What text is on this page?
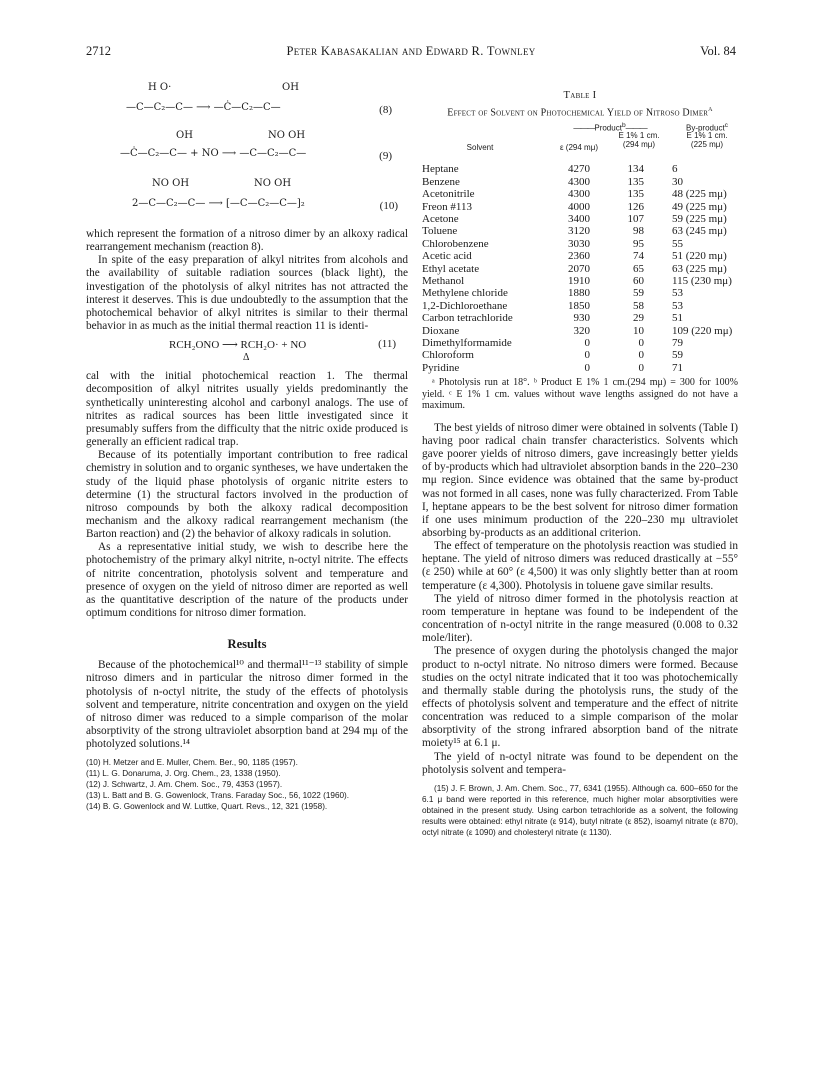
2712	Peter Kabasakalian and Edward R. Townley	Vol. 84
H O·	OH
—C—C₂—C— ⟶ —Ċ—C₂—C—	(8)
OH	NO OH
—Ċ—C₂—C— + NO ⟶ —C—C₂—C—	(9)
NO OH	NO OH
2—C—C₂—C— ⟶ [—C—C₂—C—]₂	(10)

which represent the formation of a nitroso dimer by an alkoxy radical rearrangement mechanism (reaction 8).

In spite of the easy preparation of alkyl nitrites from alcohols and the availability of suitable radiation sources (black light), the investigation of the photolysis of alkyl nitrites has not attracted the interest it deserves. This is due undoubtedly to the assumption that the photochemical behavior of alkyl nitrites is similar to their thermal behavior in as much as the initial thermal reaction 11 is identi-

RCH₂ONO ⟶ RCH₂O· + NO
Δ
(11)

cal with the initial photochemical reaction 1. The thermal decomposition of alkyl nitrites usually yields predominantly the synthetically uninteresting alcohol and carbonyl analogs. The use of nitrites as radical sources has been little investigated since it presumably suffers from the difficulty that the nitric oxide produced is generally an efficient radical trap.

Because of its potentially important contribution to free radical chemistry in solution and to organic syntheses, we have undertaken the study of the liquid phase photolysis of organic nitrite esters to determine (1) the structural factors involved in the production of nitroso compounds by both the alkoxy radical decomposition mechanism and the alkoxy radical rearrangement mechanism (the Barton reaction) and (2) the behavior of alkoxy radicals in solution.

As a representative initial study, we wish to describe here the photochemistry of the primary alkyl nitrite, n-octyl nitrite. The effects of nitrite concentration, photolysis solvent and temperature and presence of oxygen on the yield of nitroso dimer are reported as well as the quantitative description of the nature of the products under optimum conditions for nitroso dimer formation.

Results

Because of the photochemical¹⁰ and thermal¹¹⁻¹³ stability of simple nitroso dimers and in particular the nitroso dimer formed in the photolysis of n-octyl nitrite, the study of the effects of photolysis solvent and temperature, nitrite concentration and oxygen on the yield of nitroso dimer was reduced to a simple comparison of the molar absorptivity of the strong ultraviolet absorption band at 294 mμ of the photolyzed solutions.¹⁴

(10) H. Metzer and E. Muller, Chem. Ber., 90, 1185 (1957).
(11) L. G. Donaruma, J. Org. Chem., 23, 1338 (1950).
(12) J. Schwartz, J. Am. Chem. Soc., 79, 4353 (1957).
(13) L. Batt and B. G. Gowenlock, Trans. Faraday Soc., 56, 1022 (1960).
(14) B. G. Gowenlock and W. Luttke, Quart. Revs., 12, 321 (1958).
Table I
Effect of Solvent on Photochemical Yield of Nitroso Dimer$^a$
———Product$^b$———	By-product$^c$
Solvent	ε (294 mμ)
E 1% 1 cm.
(294 mμ)
E 1% 1 cm.
(225 mμ)
Heptane	4270	134	6
Benzene	4300	135	30
Acetonitrile	4300	135	48 (225 mμ)
Freon #113	4000	126	49 (225 mμ)
Acetone	3400	107	59 (225 mμ)
Toluene	3120	98	63 (245 mμ)
Chlorobenzene	3030	95	55
Acetic acid	2360	74	51 (220 mμ)
Ethyl acetate	2070	65	63 (225 mμ)
Methanol	1910	60	115 (230 mμ)
Methylene chloride	1880	59	53
1,2-Dichloroethane	1850	58	53
Carbon tetrachloride	930	29	51
Dioxane	320	10	109 (220 mμ)
Dimethylformamide	0	0	79
Chloroform	0	0	59
Pyridine	0	0	71

ᵃ Photolysis run at 18°. ᵇ Product E 1% 1 cm.(294 mμ) = 300 for 100% yield. ᶜ E 1% 1 cm. values without wave lengths assigned do not have a maximum.

The best yields of nitroso dimer were obtained in solvents (Table I) having poor radical chain transfer characteristics. Solvents which gave poorer yields of nitroso dimers, gave increasingly better yields of by-products which had ultraviolet absorption bands in the 220–230 mμ region. Since evidence was obtained that the same by-product was not formed in all cases, none was fully characterized. From Table I, heptane appears to be the best solvent for nitroso dimer formation if one uses minimum production of the 220–230 mμ ultraviolet absorbing by-products as an additional criterion.

The effect of temperature on the photolysis reaction was studied in heptane. The yield of nitroso dimers was reduced drastically at −55° (ε 250) while at 60° (ε 4,500) it was only slightly better than at room temperature (ε 4,300). Photolysis in toluene gave similar results.

The yield of nitroso dimer formed in the photolysis reaction at room temperature in heptane was found to be independent of the concentration of n-octyl nitrite in the range measured (0.008 to 0.32 mole/liter).

The presence of oxygen during the photolysis changed the major product to n-octyl nitrate. No nitroso dimers were formed. Because studies on the octyl nitrate indicated that it too was photochemically and thermally stable during the photolysis runs, the study of the effects of photolysis solvent and temperature and the effect of nitrite concentration was reduced to a simple comparison of the molar absorptivity of the strong infrared absorption band of the nitrate moiety¹⁵ at 6.1 μ.

The yield of n-octyl nitrate was found to be dependent on the photolysis solvent and tempera-

(15) J. F. Brown, J. Am. Chem. Soc., 77, 6341 (1955). Although ca. 600–650 for the 6.1 μ band were reported in this reference, much higher molar absorptivities were obtained in the present study. Using carbon tetrachloride as a solvent, the following results were obtained: ethyl nitrate (ε 914), butyl nitrate (ε 852), isoamyl nitrate (ε 870), octyl nitrate (ε 1090) and cholesteryl nitrate (ε 1130).
